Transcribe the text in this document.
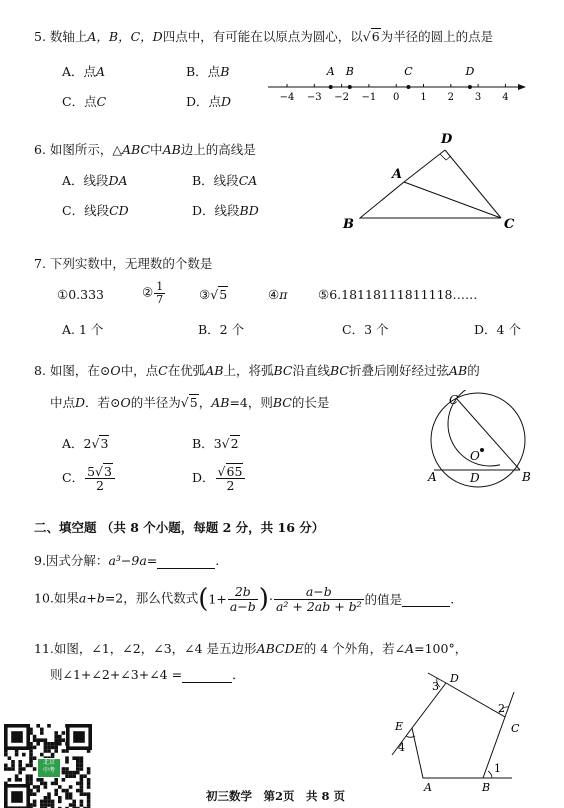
5. 数轴上A，B，C，D四点中，有可能在以原点为圆心，以√6为半径的圆上的点是
A．点A	B．点B
C．点C	D．点D	−4 −3 −2 −1 0 1 2 3 4
A B	C	D
6. 如图所示，△ABC中AB边上的高线是
A．线段DA	B．线段CA
C．线段CD	D．线段BD
D
A
B	C
7. 下列实数中，无理数的个数是
①0.333	② $\frac{1}{7}$	③√5	④π ⑤6.18118111811118……
A. 1 个	B．2 个	C．3 个	D．4 个
8. 如图，在⊙O中，点C在优弧AB上，将弧BC沿直线BC折叠后刚好经过弦AB的
中点D．若⊙O的半径为√5，AB=4，则BC的长是
A．2√3	B．3√2
C． $\frac{5√3}{2}$	D． $\frac{√65}{2}$
C
O
A	D	B
二、填空题 （共 8 个小题，每题 2 分，共 16 分）
9.因式分解：a³−9a=	.
10.如果a+b=2，那么代数式($1+ \frac{2b}{a-b}$ )· $\frac{a-b}{\text{a² + 2ab + b²}}$ 的值是	.
11.如图，∠1，∠2，∠3，∠4 是五边形ABCDE的 4 个外角，若∠A=100°，
则∠1+∠2+∠3+∠4 =	．	D
C
E
A	B
1
2
3
4
北京
中考
初三数学　第2页　共 8 页
